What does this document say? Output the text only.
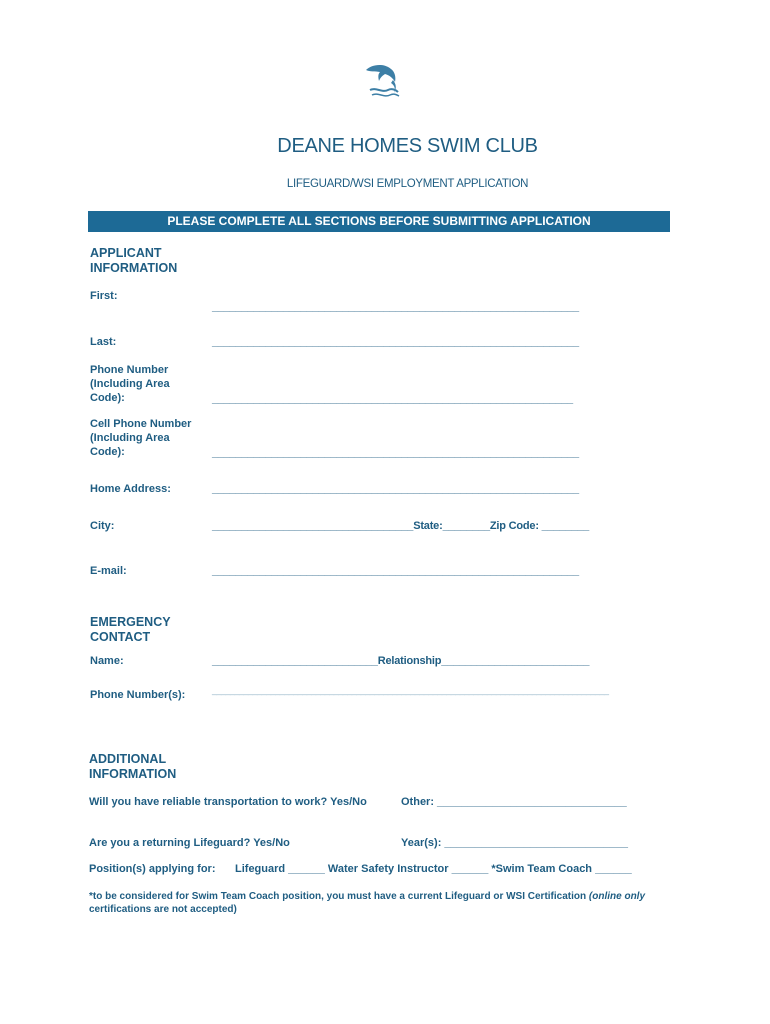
DEANE HOMES SWIM CLUB
LIFEGUARD/WSI EMPLOYMENT APPLICATION
PLEASE COMPLETE ALL SECTIONS BEFORE SUBMITTING APPLICATION
APPLICANT
INFORMATION
First:
______________________________________________________________
Last:	______________________________________________________________
Phone Number
(Including Area
Code):	_____________________________________________________________
Cell Phone Number
(Including Area
Code):	______________________________________________________________
Home Address:	______________________________________________________________
City:	__________________________________State:________Zip Code: ________
E-mail:	______________________________________________________________
EMERGENCY
CONTACT
Name:	____________________________Relationship_________________________
Phone Number(s):	________________________________________________________________________________________
ADDITIONAL
INFORMATION
Will you have reliable transportation to work? Yes/No	Other: _______________________________
Are you a returning Lifeguard? Yes/No	Year(s): ______________________________
Position(s) applying for: Lifeguard ______ Water Safety Instructor ______ *Swim Team Coach ______
*to be considered for Swim Team Coach position, you must have a current Lifeguard or WSI Certification (online only
certifications are not accepted)
